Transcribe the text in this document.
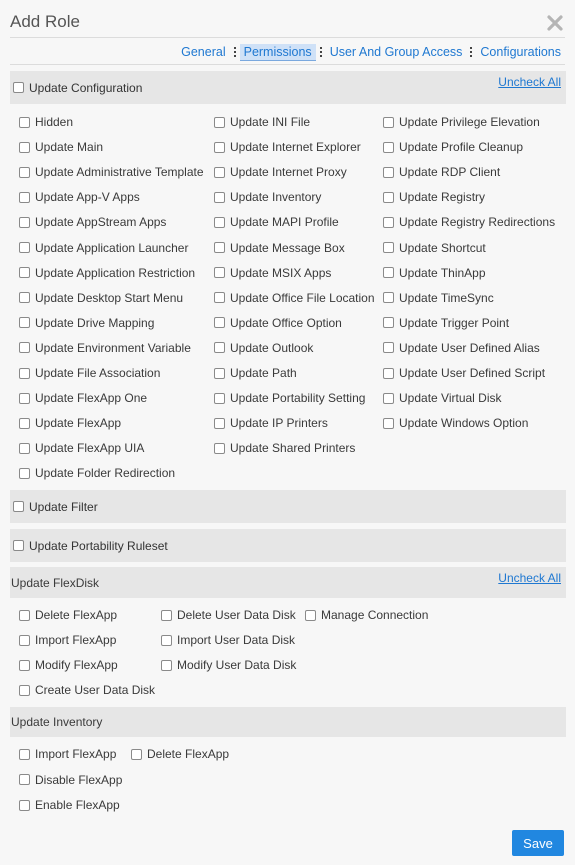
Add Role
General	Permissions	User And Group Access	Configurations
Update Configuration	Uncheck All
Hidden
Update Main
Update Administrative Template
Update App-V Apps
Update AppStream Apps
Update Application Launcher
Update Application Restriction
Update Desktop Start Menu
Update Drive Mapping
Update Environment Variable
Update File Association
Update FlexApp One
Update FlexApp
Update FlexApp UIA
Update Folder Redirection
Update INI File
Update Internet Explorer
Update Internet Proxy
Update Inventory
Update MAPI Profile
Update Message Box
Update MSIX Apps
Update Office File Location
Update Office Option
Update Outlook
Update Path
Update Portability Setting
Update IP Printers
Update Shared Printers
Update Privilege Elevation
Update Profile Cleanup
Update RDP Client
Update Registry
Update Registry Redirections
Update Shortcut
Update ThinApp
Update TimeSync
Update Trigger Point
Update User Defined Alias
Update User Defined Script
Update Virtual Disk
Update Windows Option
Update Filter
Update Portability Ruleset
Update FlexDisk	Uncheck All
Delete FlexApp
Import FlexApp
Modify FlexApp
Create User Data Disk
Delete User Data Disk
Import User Data Disk
Modify User Data Disk
Manage Connection
Update Inventory
Import FlexApp
Disable FlexApp
Enable FlexApp
Delete FlexApp
Save
